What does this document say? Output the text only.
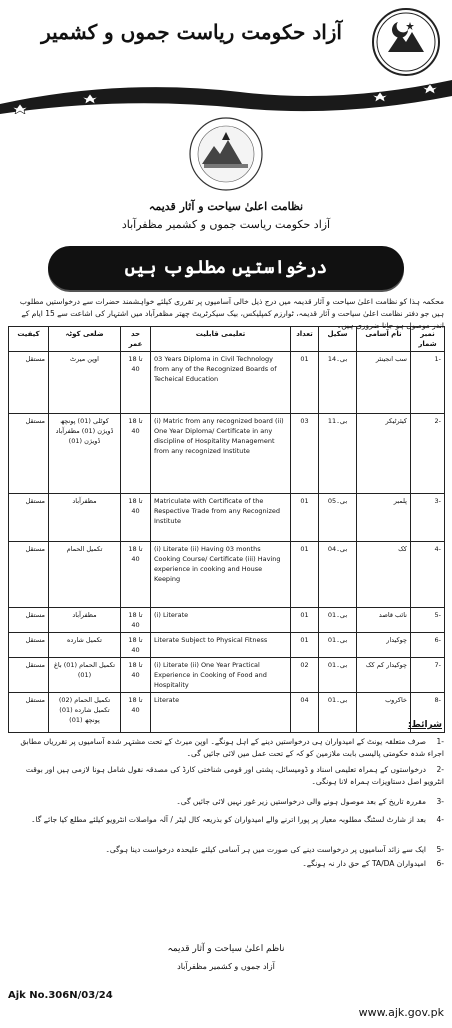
آزاد حکومت ریاست جموں و کشمیر
نظامت اعلیٰ سیاحت و آثار قدیمہ
آزاد حکومت ریاست جموں و کشمیر مظفرآباد
درخواستیں مطلوب ہیں
محکمہ ہذا کو نظامت اعلیٰ سیاحت و آثار قدیمہ میں درج ذیل خالی آسامیوں پر تقرری کیلئے خواہشمند حضرات سے درخواستیں مطلوب ہیں جو دفتر نظامت اعلیٰ سیاحت و آثار قدیمہ، ٹوارزم کمپلیکس، بیک سیکرٹریٹ چھتر مظفرآباد میں اشتہار کی اشاعت سے 15 ایام کے اندر موصول ہو جانا ضروری ہیں۔
کیفیت	ضلعی کوٹہ	حد عمر	تعلیمی قابلیت	تعداد	سکیل	نام آسامی	نمبر شمار
مستقل	اوپن میرٹ	18 تا 40	03 Years Diploma in Civil Technology from any of the Recognized Boards of Techeical Education	01	بی۔14	سب انجینئر	-1
مستقل	کوٹلی (01) پونچھ ڈویژن (01) مظفرآباد ڈویژن (01)	18 تا 40	(i) Matric from any recognized board (ii) One Year Diploma/ Certificate in any discipline of Hospitality Management from any recognized Institute	03	بی۔11	کیئرٹیکر	-2
مستقل	مظفرآباد	18 تا 40	Matriculate with Certificate of the Respective Trade from any Recognized Institute	01	بی۔05	پلمبر	-3
مستقل	تکمیل الحمام	18 تا 40	(i) Literate (ii) Having 03 months Cooking Course/ Certificate (iii) Having experience in cooking and House Keeping	01	بی۔04	کک	-4
مستقل	مظفرآباد	18 تا 40	(i) Literate	01	بی۔01	نائب قاصد	-5
مستقل	تکمیل شارده	18 تا 40	Literate Subject to Physical Fitness	01	بی۔01	چوکیدار	-6
مستقل	تکمیل الحمام (01) باغ (01)	18 تا 40	(i) Literate (ii) One Year Practical Experience in Cooking of Food and Hospitality	02	بی۔01	چوکیدار کم کک	-7
مستقل	تکمیل الحمام (02) تکمیل شارده (01) پونچھ (01)	18 تا 40	Literate	04	بی۔01	خاکروب	-8
شرائط:
-1صرف متعلقہ یونٹ کے امیدواران ہی درخواستیں دینے کے اہل ہونگے۔ اوپن میرٹ کے تحت مشتہر شدہ آسامیوں پر تقرریاں مطابق اجراء شدہ حکومتی پالیسی بابت ملازمین کو کہ کے تحت عمل میں لائی جائیں گی۔
-2درخواستوں کے ہمراہ تعلیمی اسناد و ڈومیسائل، پشتی اور قومی شناختی کارڈ کی مصدقہ نقول شامل ہونا لازمی ہیں اور بوقت انٹرویو اصل دستاویزات ہمراہ لانا ہونگی۔
-3مقررہ تاریخ کے بعد موصول ہونے والی درخواستیں زیر غور نہیں لائی جائیں گی۔
-4بعد از شارٹ لسٹنگ مطلوبہ معیار پر پورا اترنے والے امیدواران کو بذریعہ کال لیٹر / آلہ مواصلات انٹرویو کیلئے مطلع کیا جائے گا۔
-5ایک سے زائد آسامیوں پر درخواست دینے کی صورت میں ہر آسامی کیلئے علیحدہ درخواست دینا ہوگی۔
-6امیدواران TA/DA کے حق دار نہ ہونگے۔
ناظم اعلیٰ سیاحت و آثار قدیمہ
آزاد جموں و کشمیر مظفرآباد
Ajk No.306N/03/24
www.ajk.gov.pk
